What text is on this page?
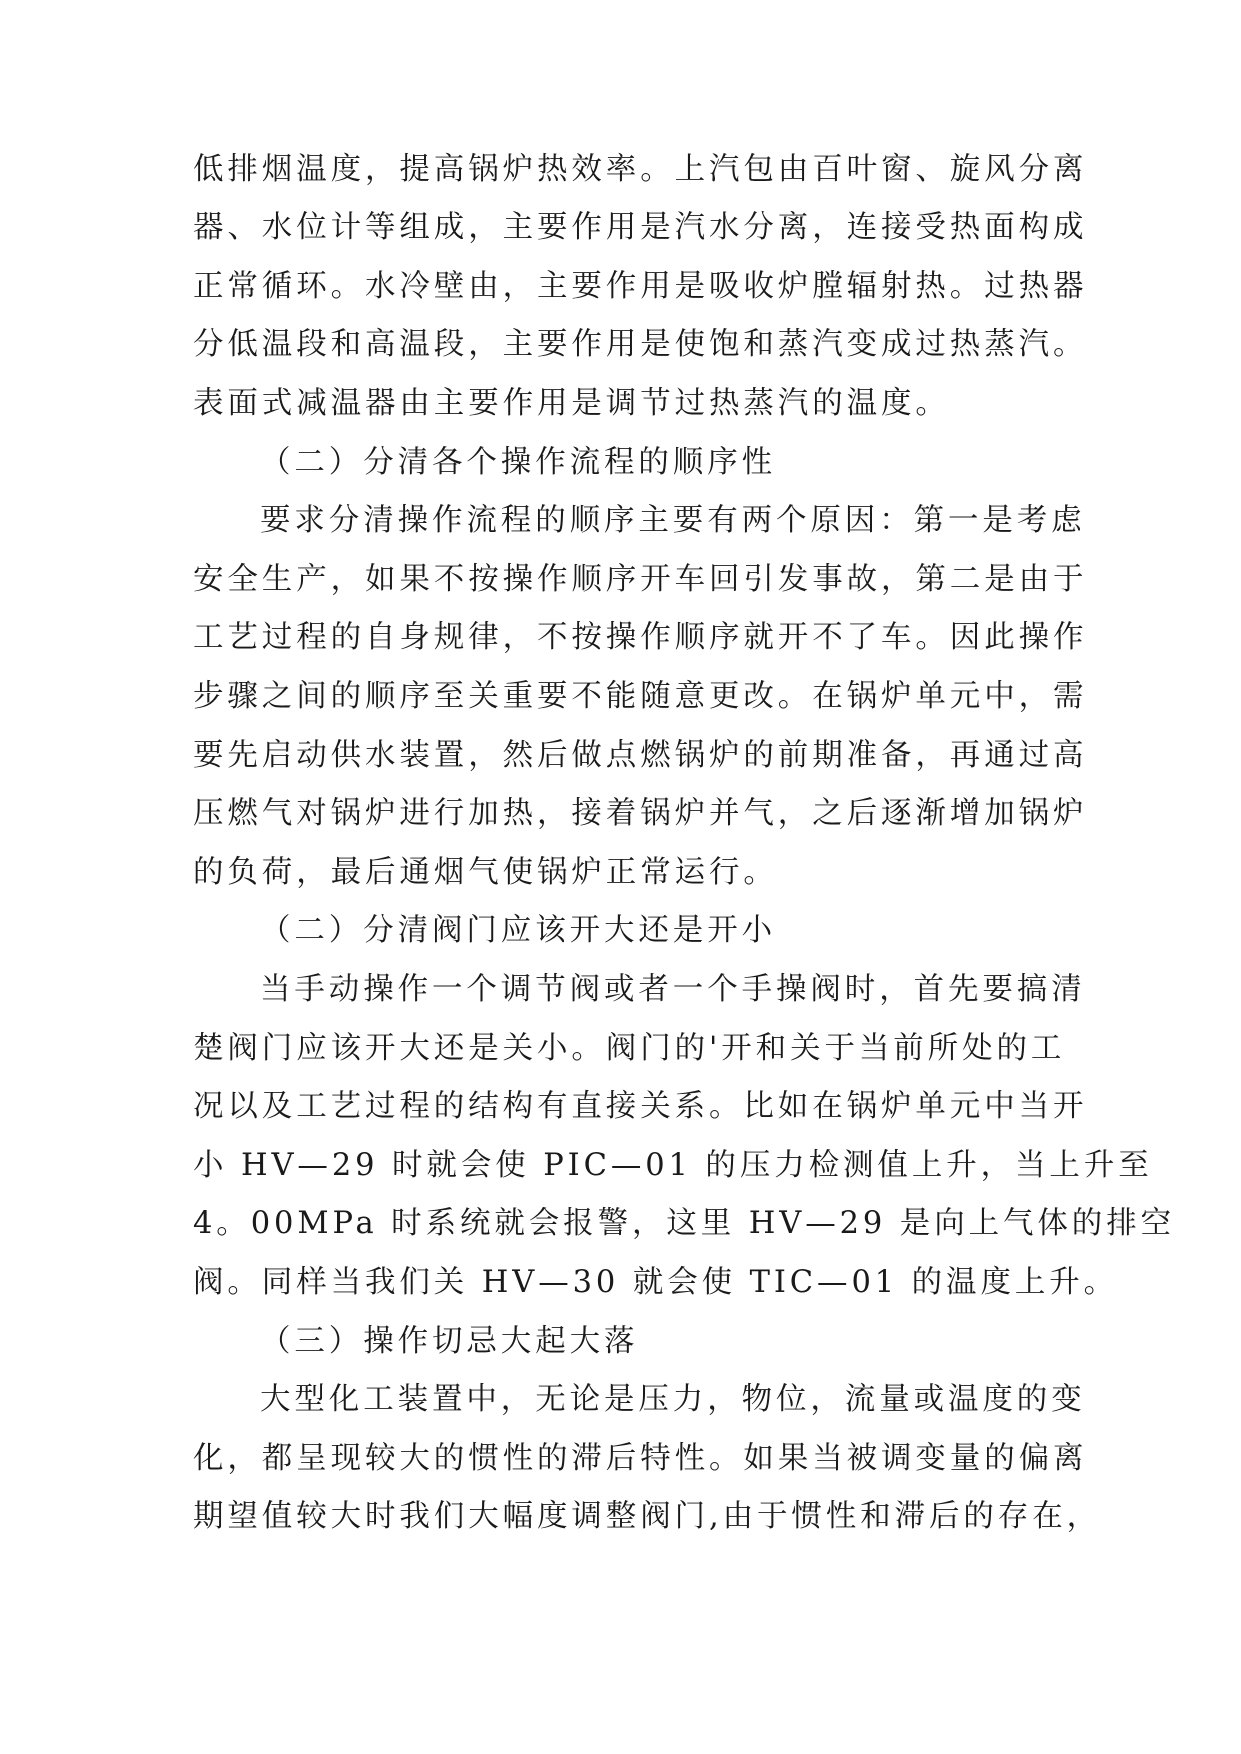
低排烟温度，提高锅炉热效率。上汽包由百叶窗、旋风分离
器、水位计等组成，主要作用是汽水分离，连接受热面构成
正常循环。水冷壁由，主要作用是吸收炉膛辐射热。过热器
分低温段和高温段，主要作用是使饱和蒸汽变成过热蒸汽。
表面式减温器由主要作用是调节过热蒸汽的温度。
（二）分清各个操作流程的顺序性
要求分清操作流程的顺序主要有两个原因：第一是考虑
安全生产，如果不按操作顺序开车回引发事故，第二是由于
工艺过程的自身规律，不按操作顺序就开不了车。因此操作
步骤之间的顺序至关重要不能随意更改。在锅炉单元中，需
要先启动供水装置，然后做点燃锅炉的前期准备，再通过高
压燃气对锅炉进行加热，接着锅炉并气，之后逐渐增加锅炉
的负荷，最后通烟气使锅炉正常运行。
（二）分清阀门应该开大还是开小
当手动操作一个调节阀或者一个手操阀时，首先要搞清
楚阀门应该开大还是关小。阀门的'开和关于当前所处的工
况以及工艺过程的结构有直接关系。比如在锅炉单元中当开
小 HV—29 时就会使 PIC—01 的压力检测值上升，当上升至
4。00MPa 时系统就会报警，这里 HV—29 是向上气体的排空
阀。同样当我们关 HV—30 就会使 TIC—01 的温度上升。
（三）操作切忌大起大落
大型化工装置中，无论是压力，物位，流量或温度的变
化，都呈现较大的惯性的滞后特性。如果当被调变量的偏离
期望值较大时我们大幅度调整阀门,由于惯性和滞后的存在，
